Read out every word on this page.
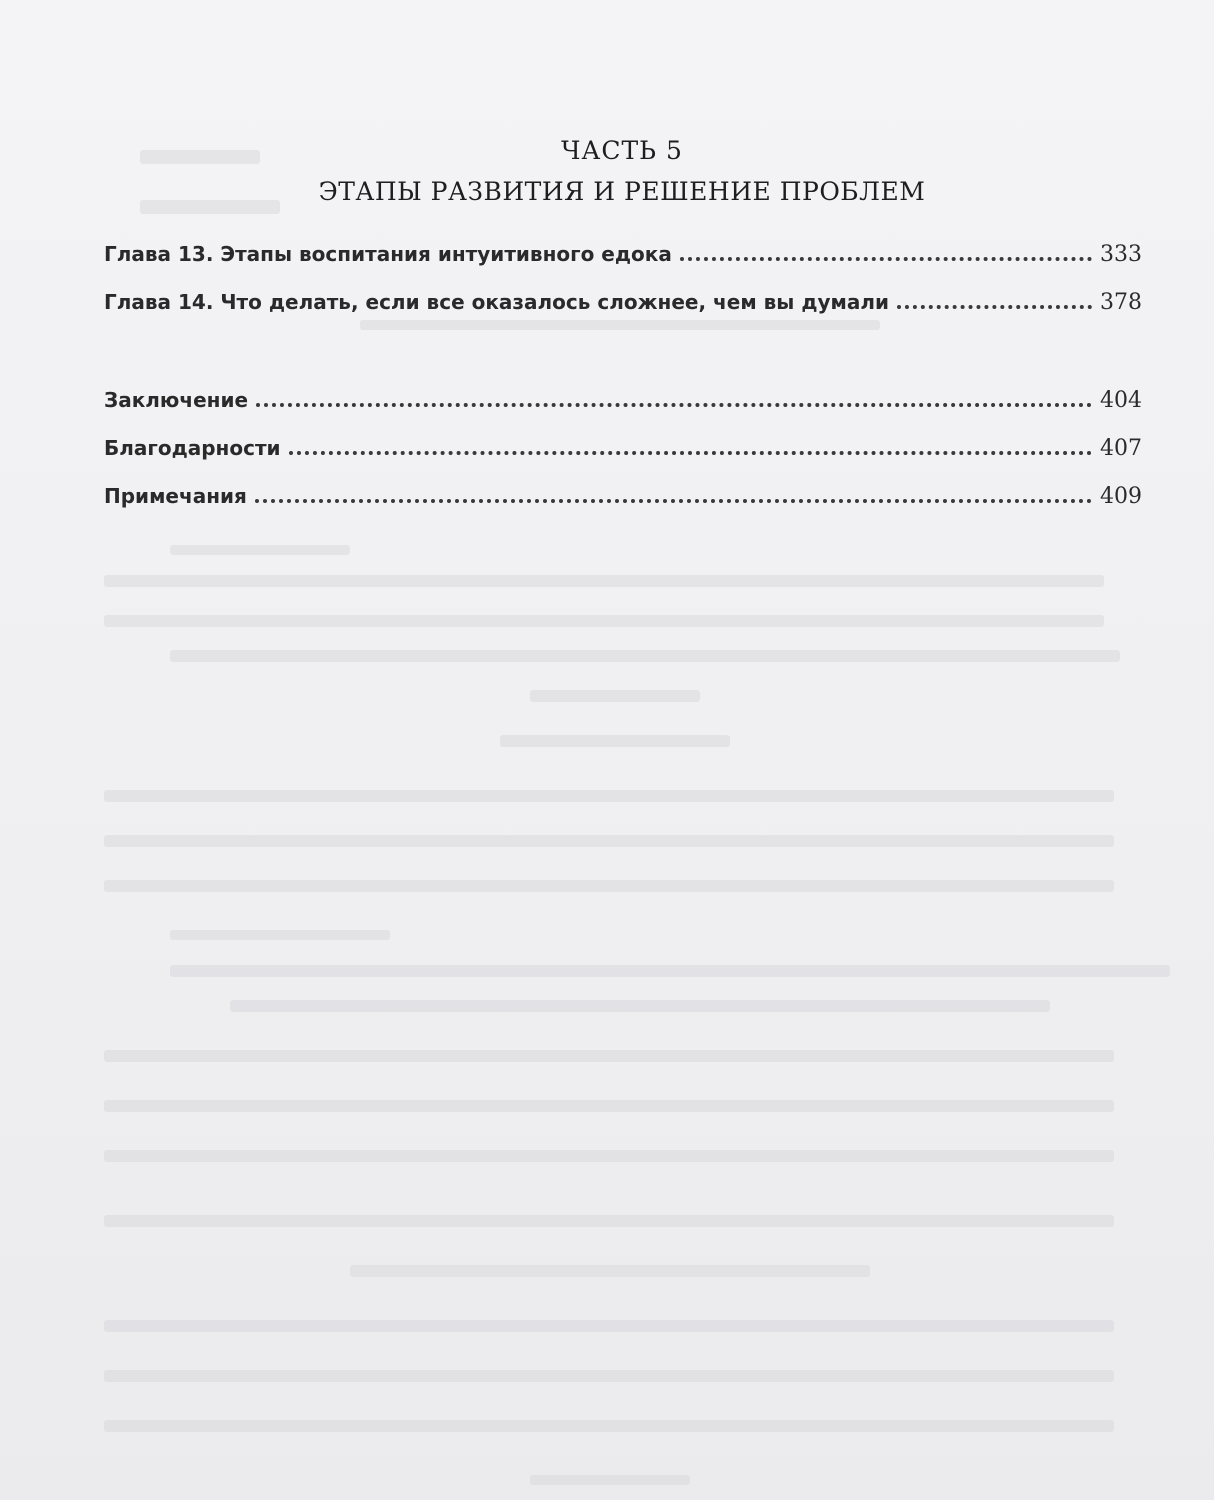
ЧАСТЬ 5
ЭТАПЫ РАЗВИТИЯ И РЕШЕНИЕ ПРОБЛЕМ
Глава 13. Этапы воспитания интуитивного едока	333
Глава 14. Что делать, если все оказалось сложнее, чем вы думали	378
Заключение	404
Благодарности	407
Примечания	409
